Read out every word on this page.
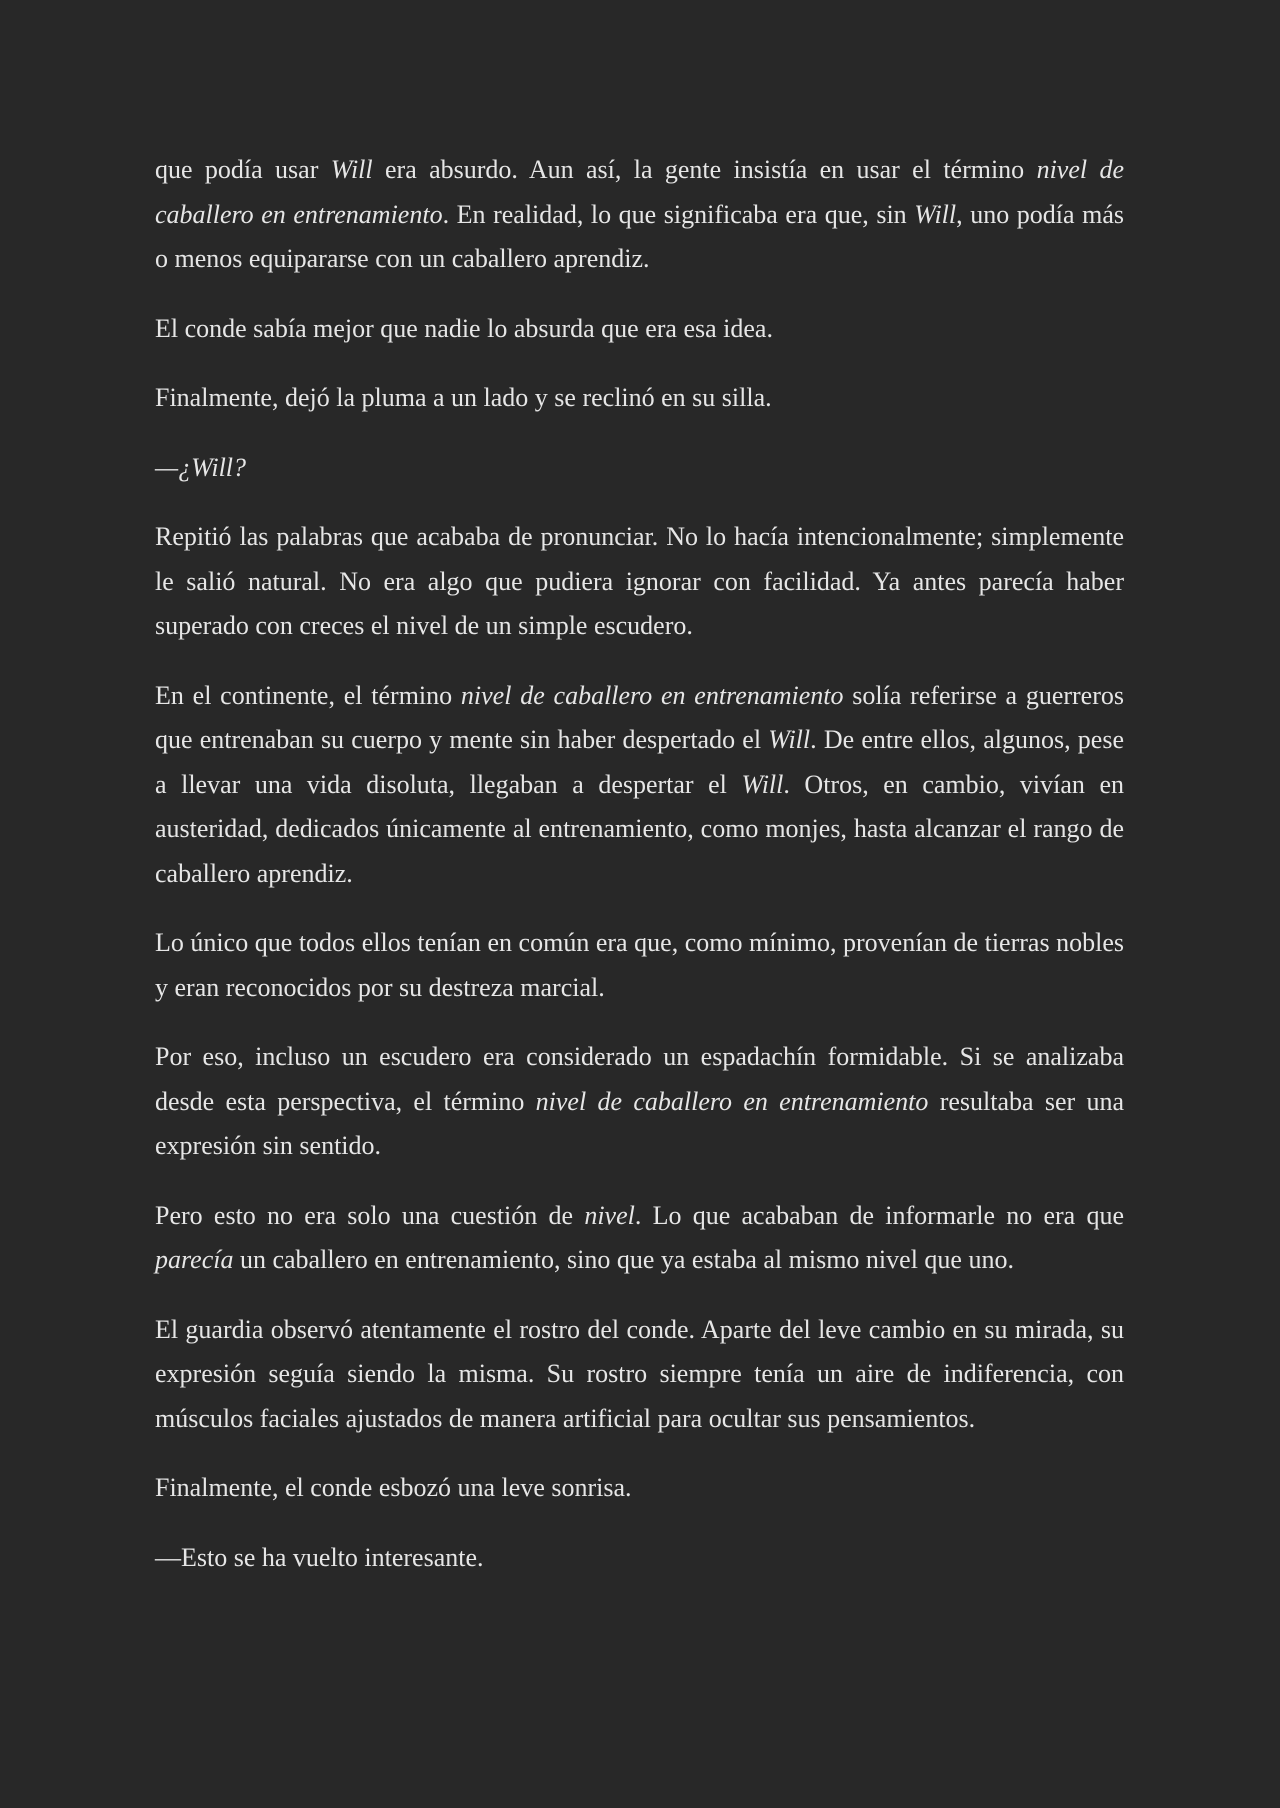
que podía usar Will era absurdo. Aun así, la gente insistía en usar el término nivel de caballero en entrenamiento. En realidad, lo que significaba era que, sin Will, uno podía más o menos equipararse con un caballero aprendiz.

El conde sabía mejor que nadie lo absurda que era esa idea.

Finalmente, dejó la pluma a un lado y se reclinó en su silla.

—¿Will?

Repitió las palabras que acababa de pronunciar. No lo hacía intencionalmente; simplemente le salió natural. No era algo que pudiera ignorar con facilidad. Ya antes parecía haber superado con creces el nivel de un simple escudero.

En el continente, el término nivel de caballero en entrenamiento solía referirse a guerreros que entrenaban su cuerpo y mente sin haber despertado el Will. De entre ellos, algunos, pese a llevar una vida disoluta, llegaban a despertar el Will. Otros, en cambio, vivían en austeridad, dedicados únicamente al entrenamiento, como monjes, hasta alcanzar el rango de caballero aprendiz.

Lo único que todos ellos tenían en común era que, como mínimo, provenían de tierras nobles y eran reconocidos por su destreza marcial.

Por eso, incluso un escudero era considerado un espadachín formidable. Si se analizaba desde esta perspectiva, el término nivel de caballero en entrenamiento resultaba ser una expresión sin sentido.

Pero esto no era solo una cuestión de nivel. Lo que acababan de informarle no era que parecía un caballero en entrenamiento, sino que ya estaba al mismo nivel que uno.

El guardia observó atentamente el rostro del conde. Aparte del leve cambio en su mirada, su expresión seguía siendo la misma. Su rostro siempre tenía un aire de indiferencia, con músculos faciales ajustados de manera artificial para ocultar sus pensamientos.

Finalmente, el conde esbozó una leve sonrisa.

—Esto se ha vuelto interesante.
